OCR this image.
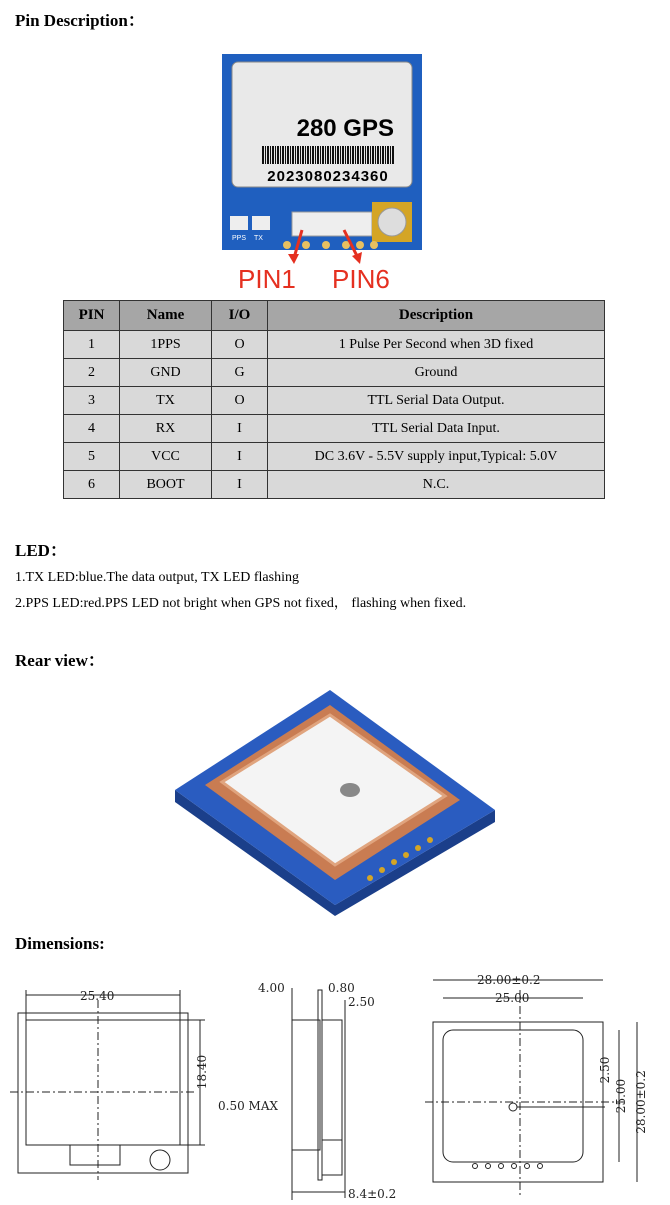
Pin Description：
280 GPS
2023080234360
PPS TX
PIN1 PIN6
PIN	Name	I/O	Description
1	1PPS	O	1 Pulse Per Second when 3D fixed
2	GND	G	Ground
3	TX	O	TTL Serial Data Output.
4	RX	I	TTL Serial Data Input.
5	VCC	I	DC 3.6V - 5.5V supply input,Typical: 5.0V
6	BOOT	I	N.C.
LED：
1.TX LED:blue.The data output, TX LED flashing
2.PPS LED:red.PPS LED not bright when GPS not fixed， flashing when fixed.
Rear view：
Dimensions:
25.40
18.40
4.00	0.80
2.50
0.50 MAX
8.4±0.2
28.00±0.2
25.00
2.50
25.00 28.00±0.2
